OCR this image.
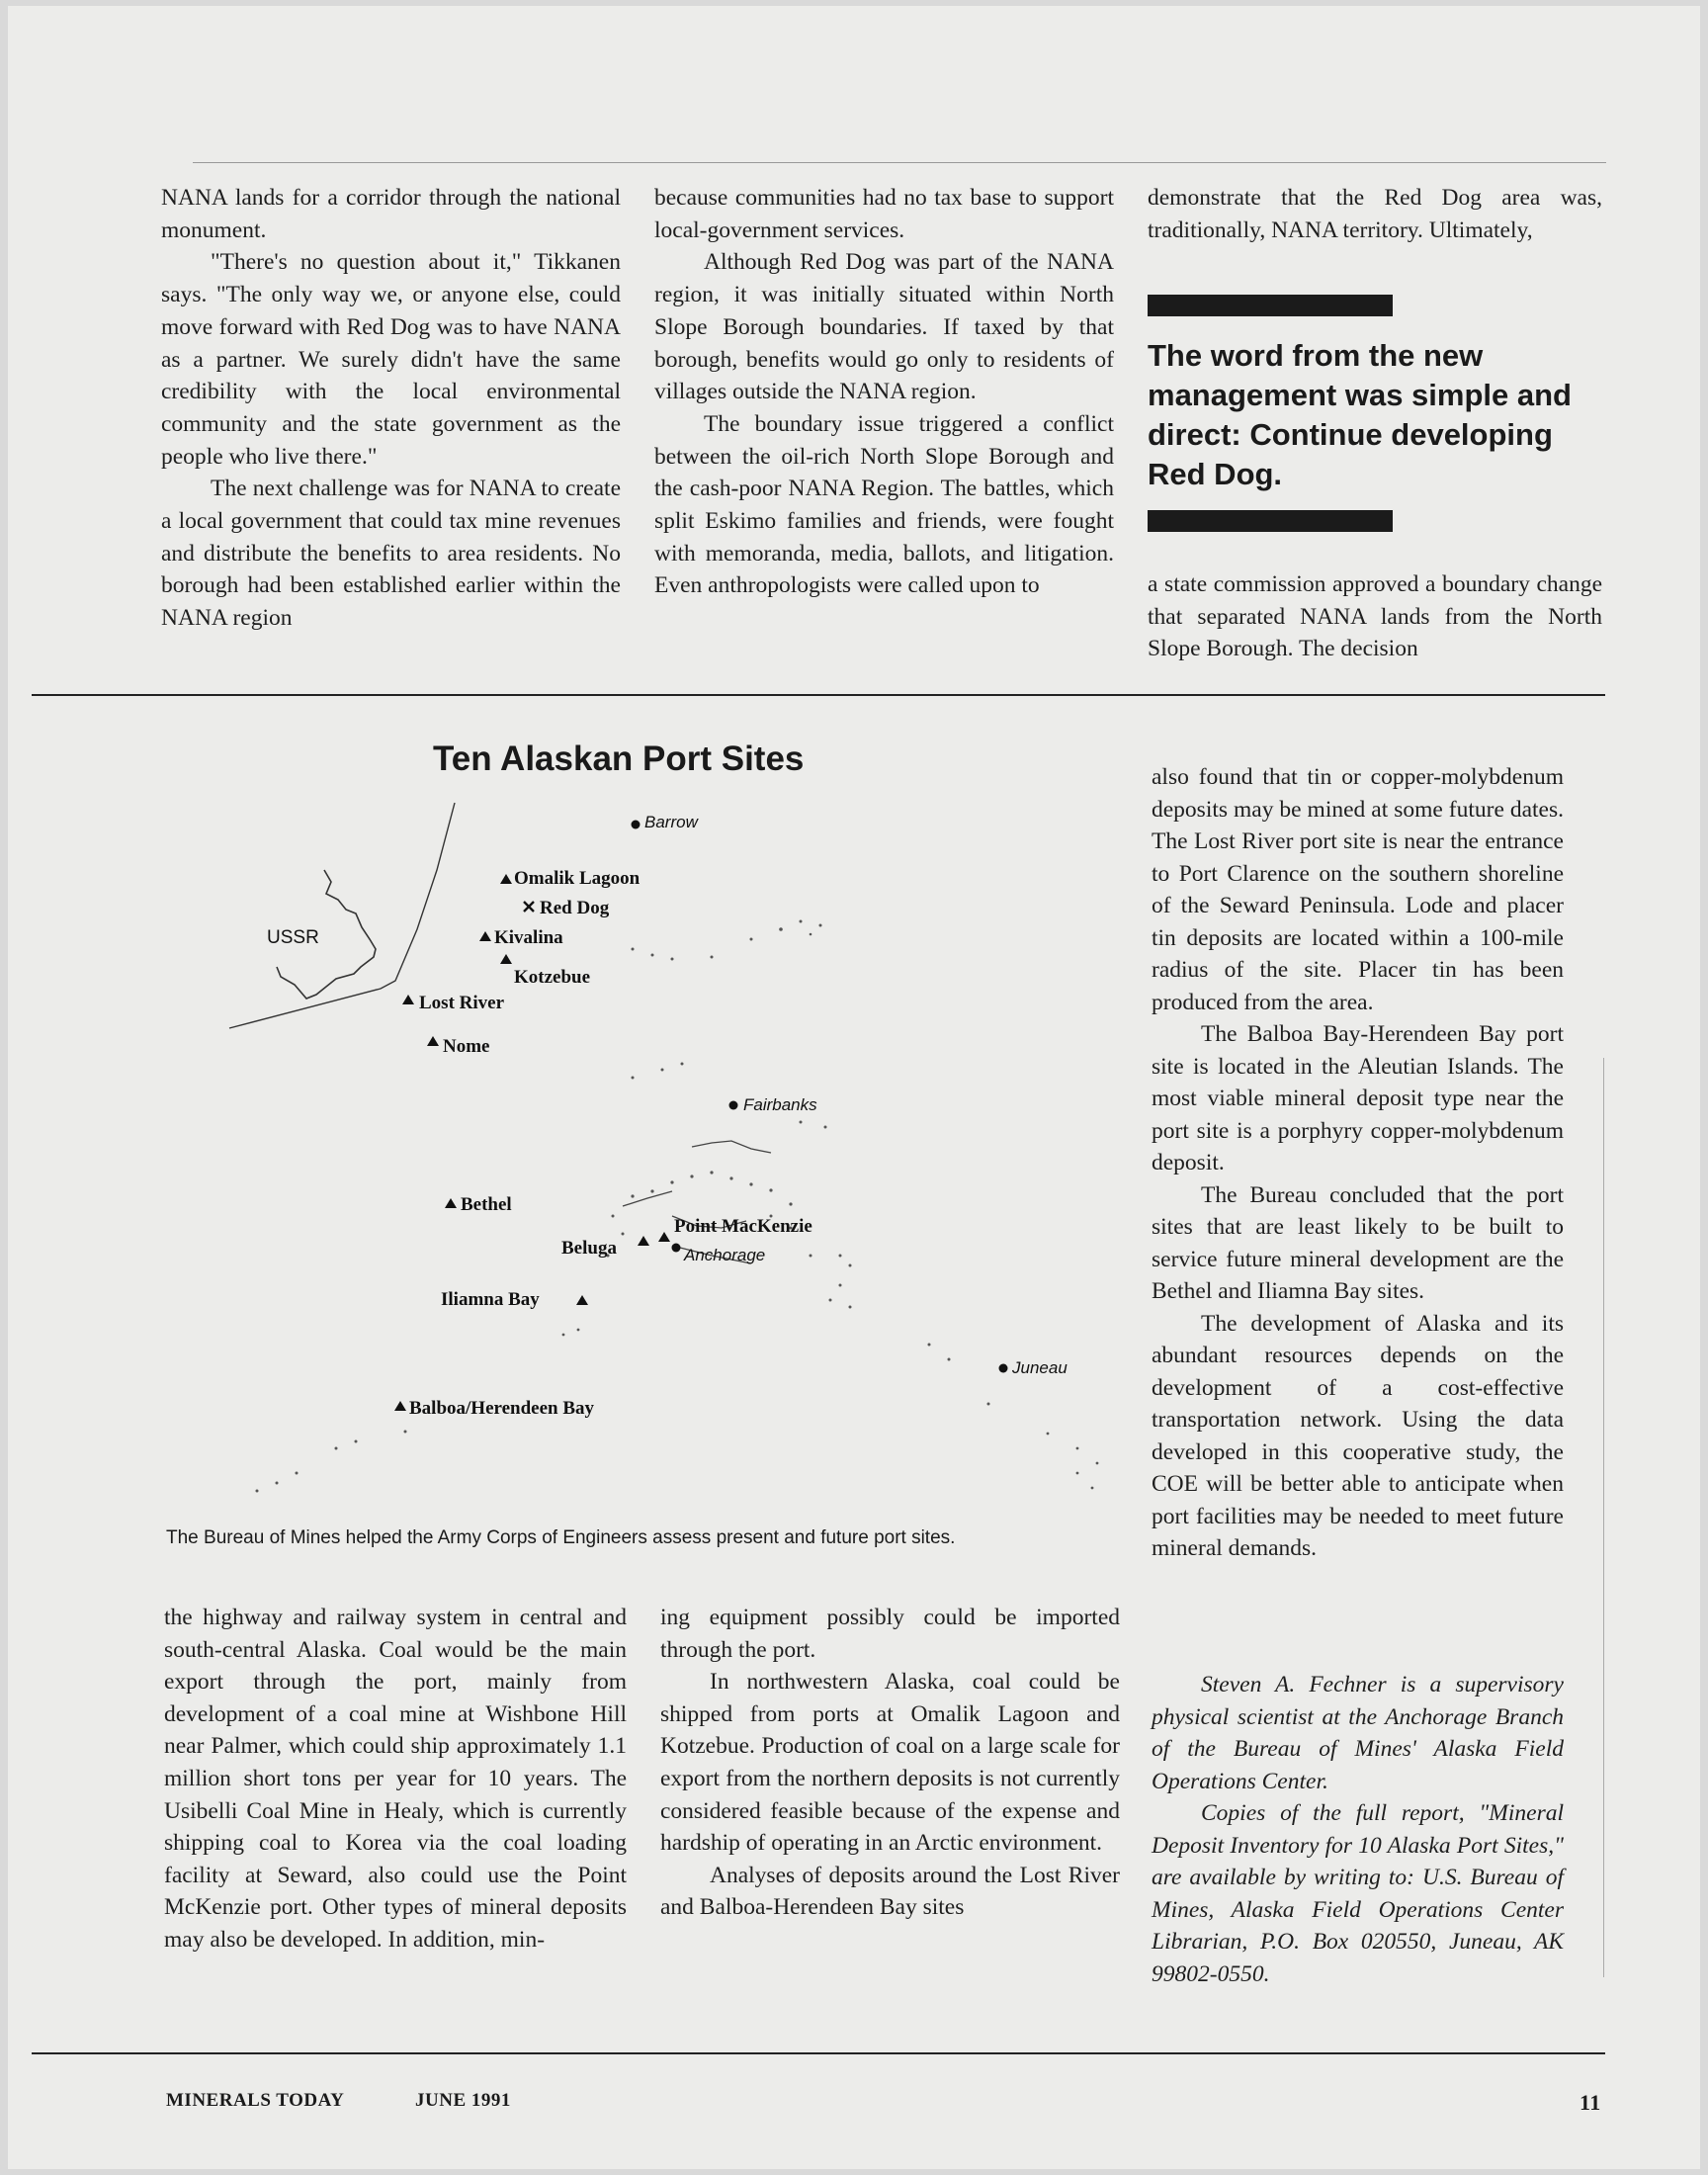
NANA lands for a corridor through the national monument.

"There's no question about it," Tikkanen says. "The only way we, or anyone else, could move forward with Red Dog was to have NANA as a partner. We surely didn't have the same credibility with the local environmental community and the state government as the people who live there."

The next challenge was for NANA to create a local government that could tax mine revenues and distribute the benefits to area residents. No borough had been established earlier within the NANA region

because communities had no tax base to support local-government services.

Although Red Dog was part of the NANA region, it was initially situated within North Slope Borough boundaries. If taxed by that borough, benefits would go only to residents of villages outside the NANA region.

The boundary issue triggered a conflict between the oil-rich North Slope Borough and the cash-poor NANA Region. The battles, which split Eskimo families and friends, were fought with memoranda, media, ballots, and litigation. Even anthropologists were called upon to

demonstrate that the Red Dog area was, traditionally, NANA territory. Ultimately,

The word from the new management was simple and direct: Continue developing Red Dog.

a state commission approved a boundary change that separated NANA lands from the North Slope Borough. The decision

Ten Alaskan Port Sites
USSR
Barrow
Omalik Lagoon
Red Dog
Kivalina
Kotzebue
Lost River
Nome
Fairbanks
Bethel
Point MacKenzie
Beluga	Anchorage
Iliamna Bay
Juneau
Balboa/Herendeen Bay
The Bureau of Mines helped the Army Corps of Engineers assess present and future port sites.

also found that tin or copper-molybdenum deposits may be mined at some future dates. The Lost River port site is near the entrance to Port Clarence on the southern shoreline of the Seward Peninsula. Lode and placer tin deposits are located within a 100-mile radius of the site. Placer tin has been produced from the area.

The Balboa Bay-Herendeen Bay port site is located in the Aleutian Islands. The most viable mineral deposit type near the port site is a porphyry copper-molybdenum deposit.

The Bureau concluded that the port sites that are least likely to be built to service future mineral development are the Bethel and Iliamna Bay sites.

The development of Alaska and its abundant resources depends on the development of a cost-effective transportation network. Using the data developed in this cooperative study, the COE will be better able to anticipate when port facilities may be needed to meet future mineral demands.

Steven A. Fechner is a supervisory physical scientist at the Anchorage Branch of the Bureau of Mines' Alaska Field Operations Center.

Copies of the full report, "Mineral Deposit Inventory for 10 Alaska Port Sites," are available by writing to: U.S. Bureau of Mines, Alaska Field Operations Center Librarian, P.O. Box 020550, Juneau, AK 99802-0550.

the highway and railway system in central and south-central Alaska. Coal would be the main export through the port, mainly from development of a coal mine at Wishbone Hill near Palmer, which could ship approximately 1.1 million short tons per year for 10 years. The Usibelli Coal Mine in Healy, which is currently shipping coal to Korea via the coal loading facility at Seward, also could use the Point McKenzie port. Other types of mineral deposits may also be developed. In addition, min-

ing equipment possibly could be imported through the port.

In northwestern Alaska, coal could be shipped from ports at Omalik Lagoon and Kotzebue. Production of coal on a large scale for export from the northern deposits is not currently considered feasible because of the expense and hardship of operating in an Arctic environment.

Analyses of deposits around the Lost River and Balboa-Herendeen Bay sites

MINERALS TODAY	JUNE 1991	11
